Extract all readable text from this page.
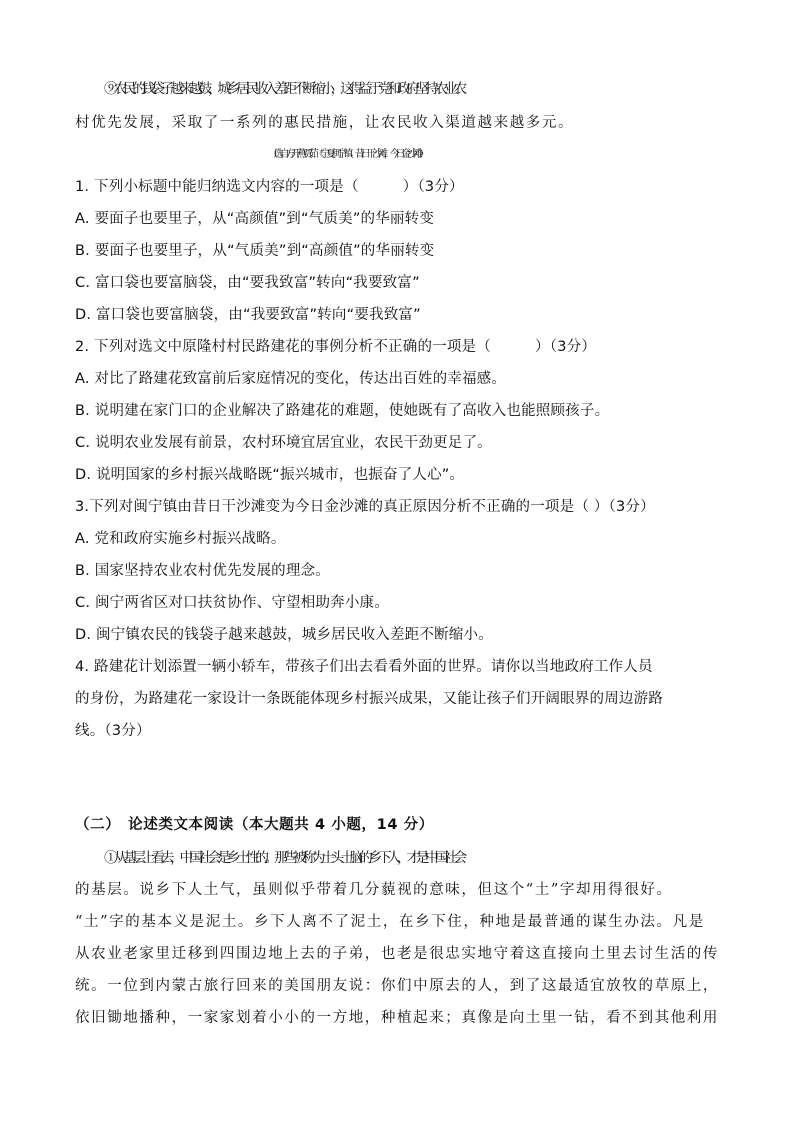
⑨农民的钱袋子越来越鼓，城乡居民收入差距不断缩小，这得益于党和政府坚持农业农
村优先发展，采取了一系列的惠民措施，让农民收入渠道越来越多元。
（选自方开燕贾茹《宁夏闽宁镇：昔日干沙滩，今日金沙滩》）
1. 下列小标题中能归纳选文内容的一项是（　　　）（3分）
A. 要面子也要里子，从“高颜值”到“气质美”的华丽转变
B. 要面子也要里子，从“气质美”到“高颜值”的华丽转变
C. 富口袋也要富脑袋，由“要我致富”转向“我要致富”
D. 富口袋也要富脑袋，由“我要致富”转向“要我致富”
2. 下列对选文中原隆村村民路建花的事例分析不正确的一项是（　　　）（3分）
A. 对比了路建花致富前后家庭情况的变化，传达出百姓的幸福感。
B. 说明建在家门口的企业解决了路建花的难题，使她既有了高收入也能照顾孩子。
C. 说明农业发展有前景，农村环境宜居宜业，农民干劲更足了。
D. 说明国家的乡村振兴战略既“振兴城市，也振奋了人心”。
3.下列对闽宁镇由昔日干沙滩变为今日金沙滩的真正原因分析不正确的一项是（ ）（3分）
A. 党和政府实施乡村振兴战略。
B. 国家坚持农业农村优先发展的理念。
C. 闽宁两省区对口扶贫协作、守望相助奔小康。
D. 闽宁镇农民的钱袋子越来越鼓，城乡居民收入差距不断缩小。
4. 路建花计划添置一辆小轿车，带孩子们出去看看外面的世界。请你以当地政府工作人员
的身份，为路建花一家设计一条既能体现乡村振兴成果，又能让孩子们开阔眼界的周边游路
线。（3分）
（二）　论述类文本阅读（本大题共 4 小题，14 分）
①从基层上看去，中国社会是乡土性的。那些被称为土头土脑的乡下人，才是中国社会
的基层。说乡下人土气，虽则似乎带着几分藐视的意味，但这个“土”字却用得很好。
“土”字的基本义是泥土。乡下人离不了泥土，在乡下住，种地是最普通的谋生办法。凡是
从农业老家里迁移到四围边地上去的子弟，也老是很忠实地守着这直接向土里去讨生活的传
统。一位到内蒙古旅行回来的美国朋友说：你们中原去的人，到了这最适宜放牧的草原上，
依旧锄地播种，一家家划着小小的一方地，种植起来；真像是向土里一钻，看不到其他利用
